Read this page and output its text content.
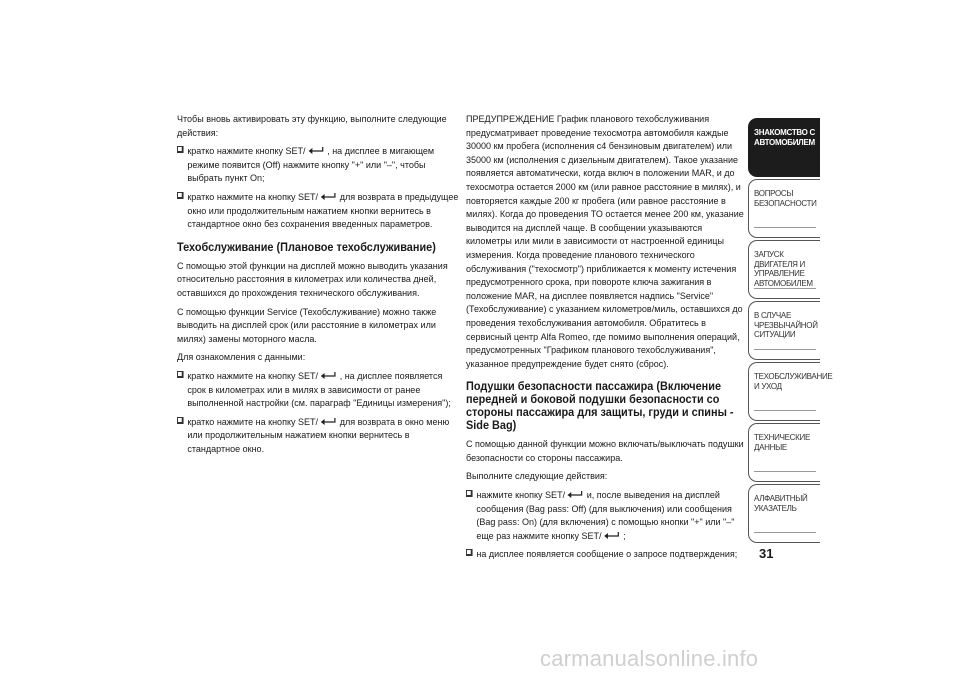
Чтобы вновь активировать эту функцию, выполните следующие действия:

кратко нажмите кнопку SET/ , на дисплее в мигающем режиме появится (Off) нажмите кнопку "+" или "–", чтобы выбрать пункт On;
кратко нажмите на кнопку SET/ для возврата в предыдущее окно или продолжительным нажатием кнопки вернитесь в стандартное окно без сохранения введенных параметров.
Техобслуживание (Плановое техобслуживание)

С помощью этой функции на дисплей можно выводить указания относительно расстояния в километрах или количества дней, оставшихся до прохождения технического обслуживания.

С помощью функции Service (Техобслуживание) можно также выводить на дисплей срок (или расстояние в километрах или милях) замены моторного масла.

Для ознакомления с данными:

кратко нажмите на кнопку SET/ , на дисплее появляется срок в километрах или в милях в зависимости от ранее выполненной настройки (см. параграф "Единицы измерения");
кратко нажмите на кнопку SET/ для возврата в окно меню или продолжительным нажатием кнопки вернитесь в стандартное окно.

ПРЕДУПРЕЖДЕНИЕ График планового техобслуживания предусматривает проведение техосмотра автомобиля каждые 30000 км пробега (исполнения с4 бензиновым двигателем) или 35000 км (исполнения с дизельным двигателем). Такое указание появляется автоматически, когда включ в положении MAR, и до техосмотра остается 2000 км (или равное расстояние в милях), и повторяется каждые 200 кг пробега (или равное расстояние в милях). Когда до проведения ТО остается менее 200 км, указание выводится на дисплей чаще. В сообщении указываются километры или мили в зависимости от настроенной единицы измерения. Когда проведение планового технического обслуживания ("техосмотр") приближается к моменту истечения предусмотренного срока, при повороте ключа зажигания в положение MAR, на дисплее появляется надпись "Service" (Техобслуживание) с указанием километров/миль, оставшихся до проведения техобслуживания автомобиля. Обратитесь в сервисный центр Alfa Romeo, где помимо выполнения операций, предусмотренных "Графиком планового техобслуживания", указанное предупреждение будет снято (сброс).

Подушки безопасности пассажира (Включение передней и боковой подушки безопасности со стороны пассажира для защиты, груди и спины - Side Bag)

С помощью данной функции можно включать/выключать подушки безопасности со стороны пассажира.

Выполните следующие действия:

нажмите кнопку SET/ и, после выведения на дисплей сообщения (Bag pass: Off) (для выключения) или сообщения (Bag pass: On) (для включения) с помощью кнопки "+" или "–" еще раз нажмите кнопку SET/ ;
на дисплее появляется сообщение о запросе подтверждения;
ЗНАКОМСТВО С
АВТОМОБИЛЕМ
ВОПРОСЫ
БЕЗОПАСНОСТИ
ЗАПУСК ДВИГАТЕЛЯ И
УПРАВЛЕНИЕ
АВТОМОБИЛЕМ
В СЛУЧАЕ
ЧРЕЗВЫЧАЙНОЙ
СИТУАЦИИ
ТЕХОБСЛУЖИВАНИЕ
И УХОД
ТЕХНИЧЕСКИЕ
ДАННЫЕ
АЛФАВИТНЫЙ
УКАЗАТЕЛЬ
31
carmanualsonline.info
